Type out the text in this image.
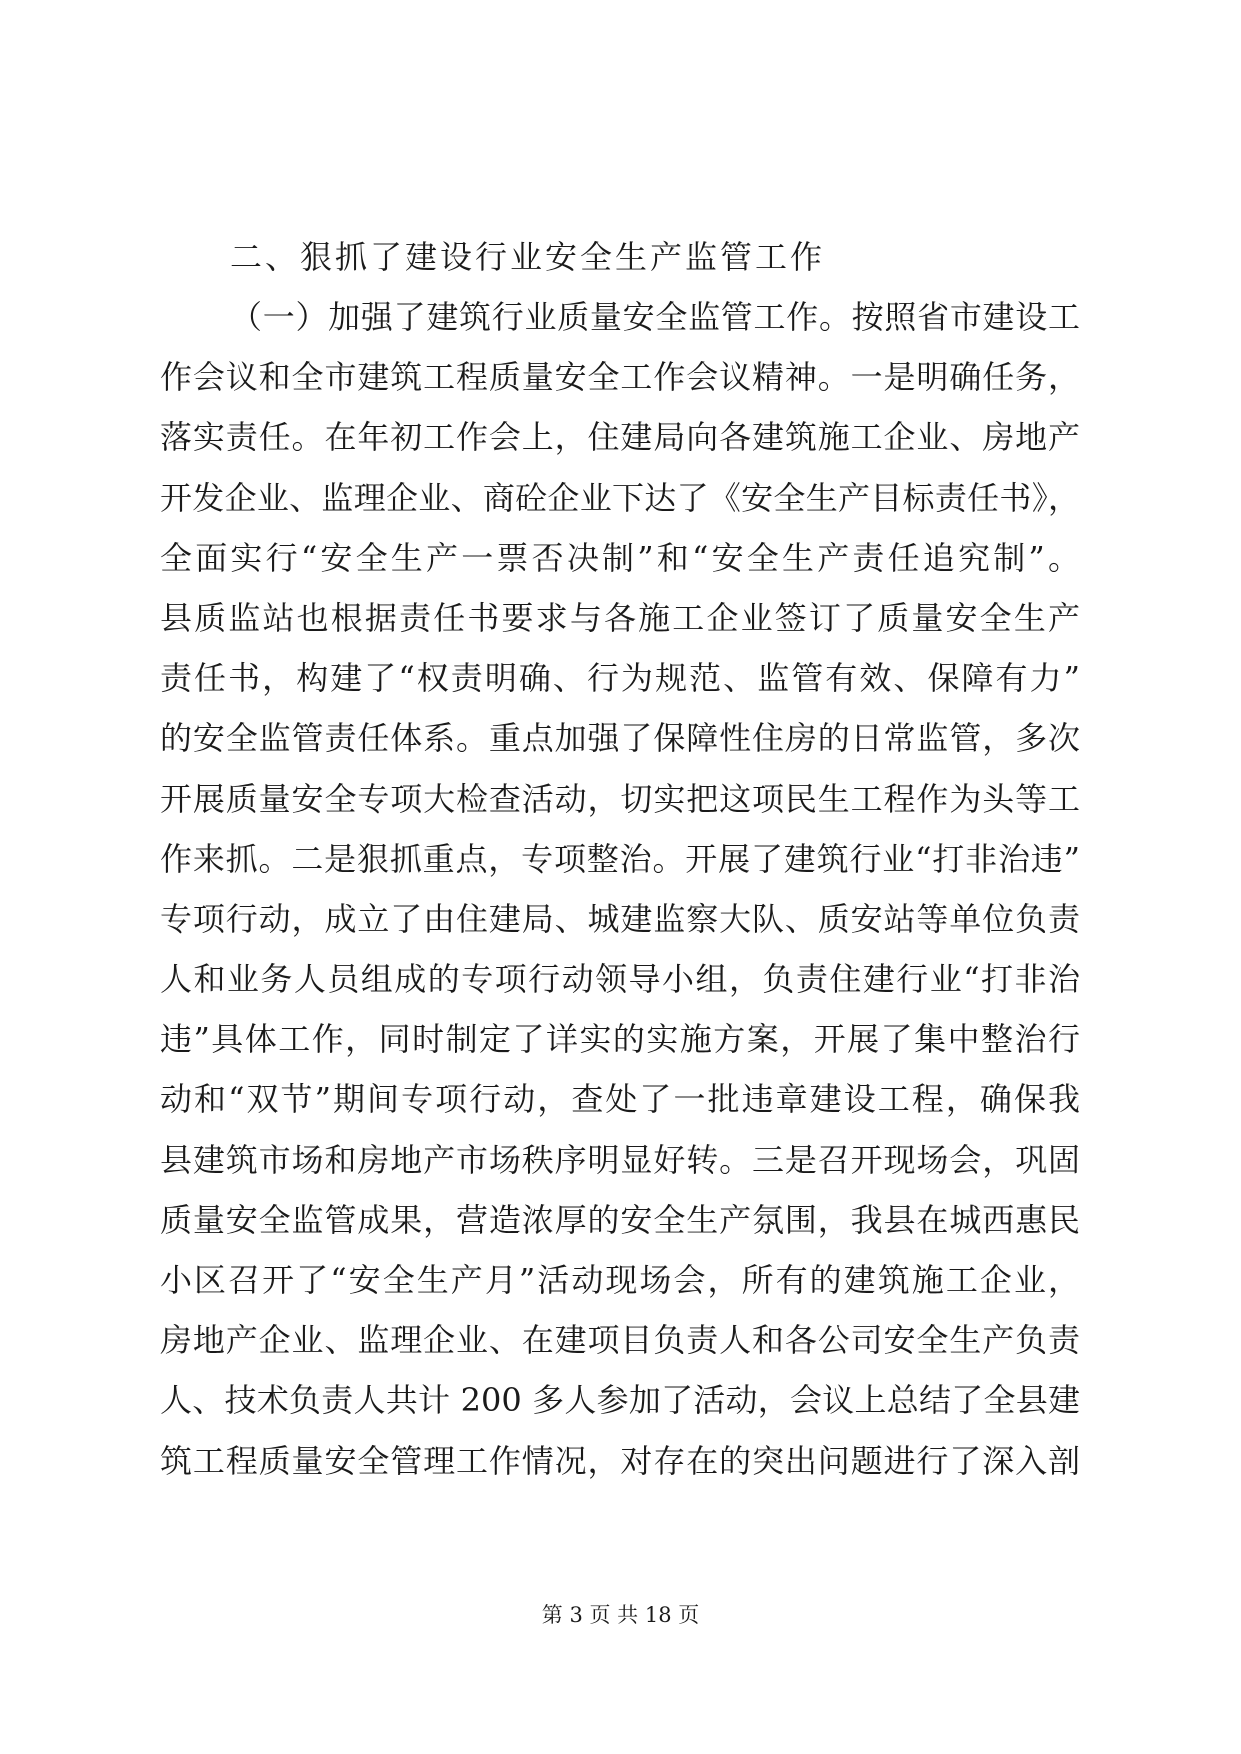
二、狠抓了建设行业安全生产监管工作
（一）加强了建筑行业质量安全监管工作。按照省市建设工
作会议和全市建筑工程质量安全工作会议精神。一是明确任务，
落实责任。在年初工作会上，住建局向各建筑施工企业、房地产
开发企业、监理企业、商砼企业下达了《安全生产目标责任书》，
全面实行“安全生产一票否决制”和“安全生产责任追究制”。
县质监站也根据责任书要求与各施工企业签订了质量安全生产
责任书，构建了“权责明确、行为规范、监管有效、保障有力”
的安全监管责任体系。重点加强了保障性住房的日常监管，多次
开展质量安全专项大检查活动，切实把这项民生工程作为头等工
作来抓。二是狠抓重点，专项整治。开展了建筑行业“打非治违”
专项行动，成立了由住建局、城建监察大队、质安站等单位负责
人和业务人员组成的专项行动领导小组，负责住建行业“打非治
违”具体工作，同时制定了详实的实施方案，开展了集中整治行
动和“双节”期间专项行动，查处了一批违章建设工程，确保我
县建筑市场和房地产市场秩序明显好转。三是召开现场会，巩固
质量安全监管成果，营造浓厚的安全生产氛围，我县在城西惠民
小区召开了“安全生产月”活动现场会，所有的建筑施工企业，
房地产企业、监理企业、在建项目负责人和各公司安全生产负责
人、技术负责人共计 200 多人参加了活动，会议上总结了全县建
筑工程质量安全管理工作情况，对存在的突出问题进行了深入剖
第 3 页 共 18 页
